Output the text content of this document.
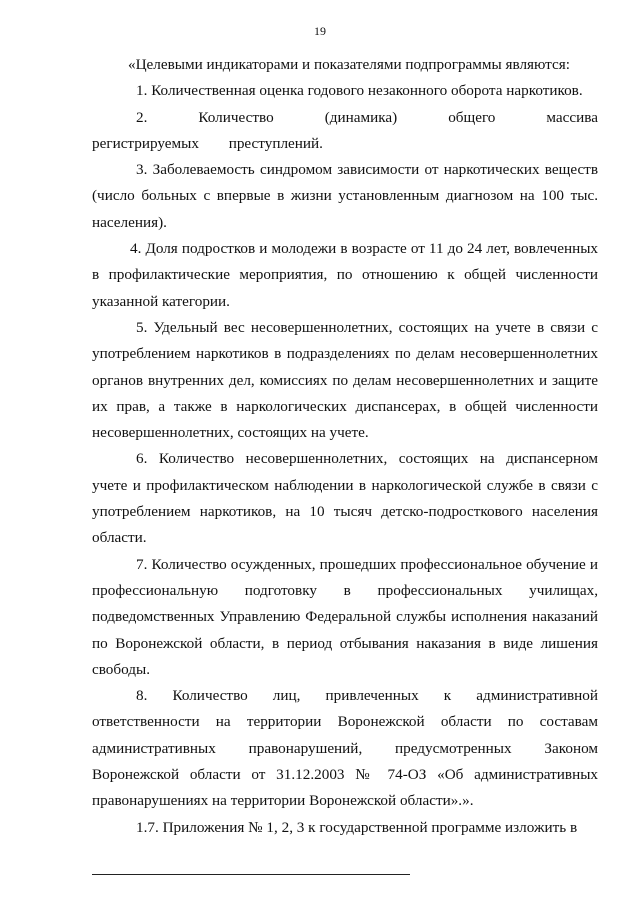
19

«Целевыми индикаторами и показателями подпрограммы являются:

1. Количественная оценка годового незаконного оборота наркотиков.

2. Количество (динамика) общего массива регистрируемых преступлений.

3. Заболеваемость синдромом зависимости от наркотических веществ (число больных с впервые в жизни установленным диагнозом на 100 тыс. населения).

4. Доля подростков и молодежи в возрасте от 11 до 24 лет, вовлеченных в профилактические мероприятия, по отношению к общей численности указанной категории.

5. Удельный вес несовершеннолетних, состоящих на учете в связи с употреблением наркотиков в подразделениях по делам несовершеннолетних органов внутренних дел, комиссиях по делам несовершеннолетних и защите их прав, а также в наркологических диспансерах, в общей численности несовершеннолетних, состоящих на учете.

6. Количество несовершеннолетних, состоящих на диспансерном учете и профилактическом наблюдении в наркологической службе в связи с употреблением наркотиков, на 10 тысяч детско-подросткового населения области.

7. Количество осужденных, прошедших профессиональное обучение и профессиональную подготовку в профессиональных училищах, подведомственных Управлению Федеральной службы исполнения наказаний по Воронежской области, в период отбывания наказания в виде лишения свободы.

8. Количество лиц, привлеченных к административной ответственности на территории Воронежской области по составам административных правонарушений, предусмотренных Законом Воронежской области от 31.12.2003 № 74-ОЗ «Об административных правонарушениях на территории Воронежской области».».

1.7. Приложения № 1, 2, 3 к государственной программе изложить в
